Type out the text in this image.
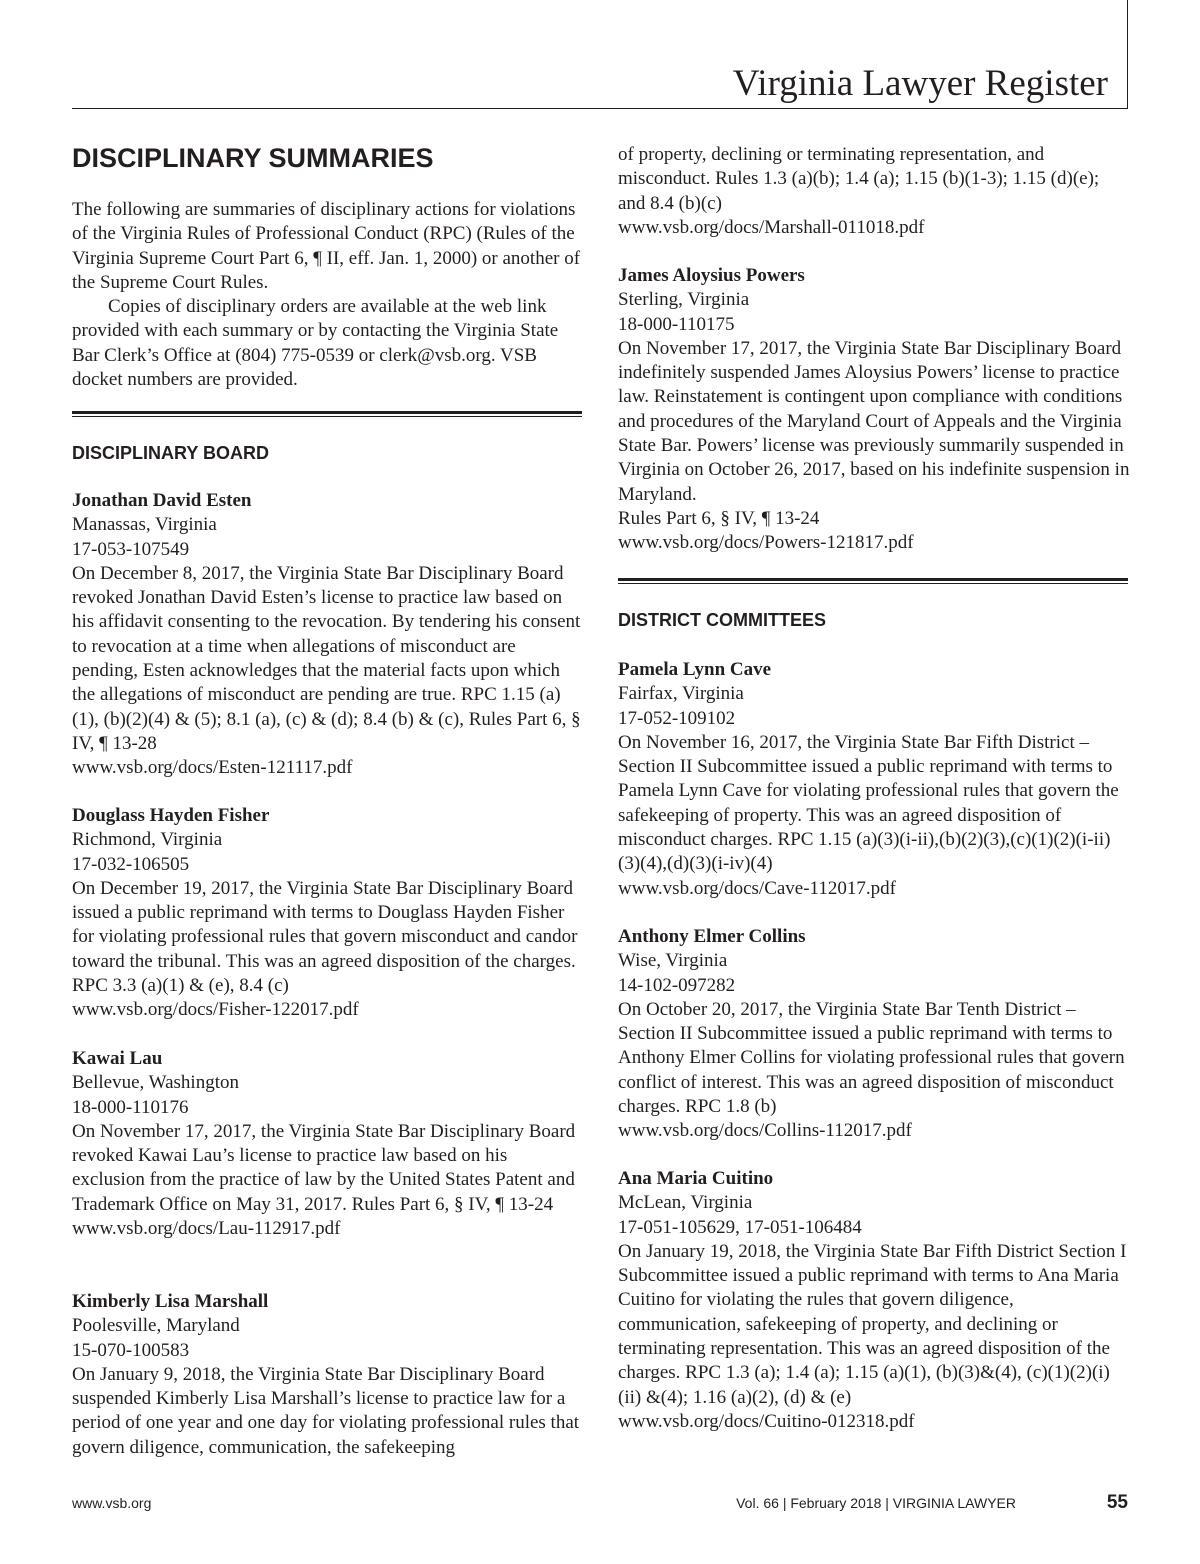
Virginia Lawyer Register
DISCIPLINARY SUMMARIES

The following are summaries of disciplinary actions for violations of the Virginia Rules of Professional Conduct (RPC) (Rules of the Virginia Supreme Court Part 6, ¶ II, eff. Jan. 1, 2000) or another of the Supreme Court Rules.

Copies of disciplinary orders are available at the web link provided with each summary or by contacting the Virginia State Bar Clerk’s Office at (804) 775-0539 or clerk@vsb.org. VSB docket numbers are provided.

DISCIPLINARY BOARD
Jonathan David Esten
Manassas, Virginia
17-053-107549
On December 8, 2017, the Virginia State Bar Disciplinary Board revoked Jonathan David Esten’s license to practice law based on his affidavit consenting to the revocation. By tendering his consent to revocation at a time when allegations of misconduct are pending, Esten acknowledges that the material facts upon which the allegations of misconduct are pending are true. RPC 1.15 (a) (1), (b)(2)(4) & (5); 8.1 (a), (c) & (d); 8.4 (b) & (c), Rules Part 6, § IV, ¶ 13-28
www.vsb.org/docs/Esten-121117.pdf
Douglass Hayden Fisher
Richmond, Virginia
17-032-106505
On December 19, 2017, the Virginia State Bar Disciplinary Board issued a public reprimand with terms to Douglass Hayden Fisher for violating professional rules that govern misconduct and candor toward the tribunal. This was an agreed disposition of the charges. RPC 3.3 (a)(1) & (e), 8.4 (c)
www.vsb.org/docs/Fisher-122017.pdf
Kawai Lau
Bellevue, Washington
18-000-110176
On November 17, 2017, the Virginia State Bar Disciplinary Board revoked Kawai Lau’s license to practice law based on his exclusion from the practice of law by the United States Patent and Trademark Office on May 31, 2017. Rules Part 6, § IV, ¶ 13-24
www.vsb.org/docs/Lau-112917.pdf
Kimberly Lisa Marshall
Poolesville, Maryland
15-070-100583
On January 9, 2018, the Virginia State Bar Disciplinary Board suspended Kimberly Lisa Marshall’s license to practice law for a period of one year and one day for violating professional rules that govern diligence, communication, the safekeeping
of property, declining or terminating representation, and misconduct. Rules 1.3 (a)(b); 1.4 (a); 1.15 (b)(1-3); 1.15 (d)(e); and 8.4 (b)(c)
www.vsb.org/docs/Marshall-011018.pdf
James Aloysius Powers
Sterling, Virginia
18-000-110175
On November 17, 2017, the Virginia State Bar Disciplinary Board indefinitely suspended James Aloysius Powers’ license to practice law. Reinstatement is contingent upon compliance with conditions and procedures of the Maryland Court of Appeals and the Virginia State Bar. Powers’ license was previously summarily suspended in Virginia on October 26, 2017, based on his indefinite suspension in Maryland.
Rules Part 6, § IV, ¶ 13-24
www.vsb.org/docs/Powers-121817.pdf
DISTRICT COMMITTEES
Pamela Lynn Cave
Fairfax, Virginia
17-052-109102
On November 16, 2017, the Virginia State Bar Fifth District – Section II Subcommittee issued a public reprimand with terms to Pamela Lynn Cave for violating professional rules that govern the safekeeping of property. This was an agreed disposition of misconduct charges. RPC 1.15 (a)(3)(i-ii),(b)(2)(3),(c)(1)(2)(i-ii)(3)(4),(d)(3)(i-iv)(4)
www.vsb.org/docs/Cave-112017.pdf
Anthony Elmer Collins
Wise, Virginia
14-102-097282
On October 20, 2017, the Virginia State Bar Tenth District – Section II Subcommittee issued a public reprimand with terms to Anthony Elmer Collins for violating professional rules that govern conflict of interest. This was an agreed disposition of misconduct charges. RPC 1.8 (b)
www.vsb.org/docs/Collins-112017.pdf
Ana Maria Cuitino
McLean, Virginia
17-051-105629, 17-051-106484
On January 19, 2018, the Virginia State Bar Fifth District Section I Subcommittee issued a public reprimand with terms to Ana Maria Cuitino for violating the rules that govern diligence, communication, safekeeping of property, and declining or terminating representation. This was an agreed disposition of the charges. RPC 1.3 (a); 1.4 (a); 1.15 (a)(1), (b)(3)&(4), (c)(1)(2)(i)(ii) &(4); 1.16 (a)(2), (d) & (e)
www.vsb.org/docs/Cuitino-012318.pdf
www.vsb.org	Vol. 66 | February 2018 | VIRGINIA LAWYER	55
